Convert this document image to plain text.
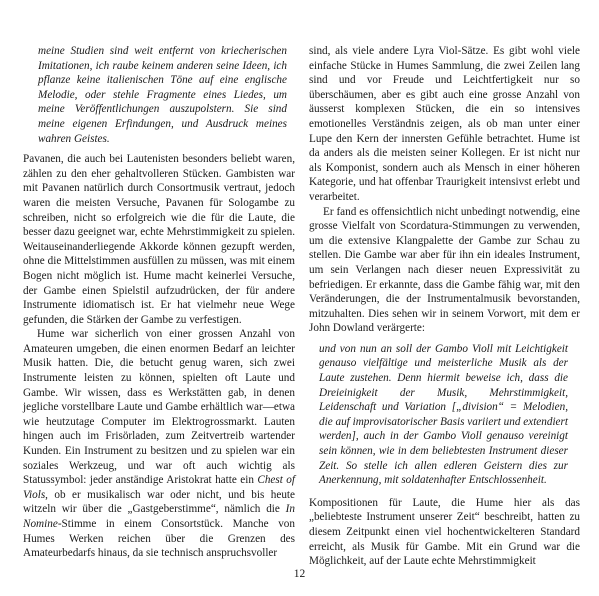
meine Studien sind weit entfernt von kriecherischen Imitationen, ich raube keinem anderen seine Ideen, ich pflanze keine italienischen Töne auf eine englische Melodie, oder stehle Fragmente eines Liedes, um meine Veröffentlichungen auszupolstern. Sie sind meine eigenen Erfindungen, und Ausdruck meines wahren Geistes.

Pavanen, die auch bei Lautenisten besonders beliebt waren, zählen zu den eher gehaltvolleren Stücken. Gambisten war mit Pavanen natürlich durch Consortmusik vertraut, jedoch waren die meisten Versuche, Pavanen für Sologambe zu schreiben, nicht so erfolgreich wie die für die Laute, die besser dazu geeignet war, echte Mehrstimmigkeit zu spielen. Weitauseinanderliegende Akkorde können gezupft werden, ohne die Mittelstimmen ausfüllen zu müssen, was mit einem Bogen nicht möglich ist. Hume macht keinerlei Versuche, der Gambe einen Spielstil aufzudrücken, der für andere Instrumente idiomatisch ist. Er hat vielmehr neue Wege gefunden, die Stärken der Gambe zu verfestigen.

Hume war sicherlich von einer grossen Anzahl von Amateuren umgeben, die einen enormen Bedarf an leichter Musik hatten. Die, die betucht genug waren, sich zwei Instrumente leisten zu können, spielten oft Laute und Gambe. Wir wissen, dass es Werkstätten gab, in denen jegliche vorstellbare Laute und Gambe erhältlich war—etwa wie heutzutage Computer im Elektrogrossmarkt. Lauten hingen auch im Frisörladen, zum Zeitvertreib wartender Kunden. Ein Instrument zu besitzen und zu spielen war ein soziales Werkzeug, und war oft auch wichtig als Statussymbol: jeder anständige Aristokrat hatte ein Chest of Viols, ob er musikalisch war oder nicht, und bis heute witzeln wir über die „Gastgeberstimme“, nämlich die In Nomine-Stimme in einem Consortstück. Manche von Humes Werken reichen über die Grenzen des Amateurbedarfs hinaus, da sie technisch anspruchsvoller

sind, als viele andere Lyra Viol-Sätze. Es gibt wohl viele einfache Stücke in Humes Sammlung, die zwei Zeilen lang sind und vor Freude und Leichtfertigkeit nur so überschäumen, aber es gibt auch eine grosse Anzahl von äusserst komplexen Stücken, die ein so intensives emotionelles Verständnis zeigen, als ob man unter einer Lupe den Kern der innersten Gefühle betrachtet. Hume ist da anders als die meisten seiner Kollegen. Er ist nicht nur als Komponist, sondern auch als Mensch in einer höheren Kategorie, und hat offenbar Traurigkeit intensivst erlebt und verarbeitet.

Er fand es offensichtlich nicht unbedingt notwendig, eine grosse Vielfalt von Scordatura-Stimmungen zu verwenden, um die extensive Klangpalette der Gambe zur Schau zu stellen. Die Gambe war aber für ihn ein ideales Instrument, um sein Verlangen nach dieser neuen Expressivität zu befriedigen. Er erkannte, dass die Gambe fähig war, mit den Veränderungen, die der Instrumentalmusik bevorstanden, mitzuhalten. Dies sehen wir in seinem Vorwort, mit dem er John Dowland verärgerte:

und von nun an soll der Gambo Violl mit Leichtigkeit genauso vielfältige und meisterliche Musik als der Laute zustehen. Denn hiermit beweise ich, dass die Dreieinigkeit der Musik, Mehrstimmigkeit, Leidenschaft und Variation [„division“ = Melodien, die auf improvisatorischer Basis variiert und extendiert werden], auch in der Gambo Violl genauso vereinigt sein können, wie in dem beliebtesten Instrument dieser Zeit. So stelle ich allen edleren Geistern dies zur Anerkennung, mit soldatenhafter Entschlossenheit.

Kompositionen für Laute, die Hume hier als das „beliebteste Instrument unserer Zeit“ beschreibt, hatten zu diesem Zeitpunkt einen viel hochentwickelteren Standard erreicht, als Musik für Gambe. Mit ein Grund war die Möglichkeit, auf der Laute echte Mehrstimmigkeit

12
